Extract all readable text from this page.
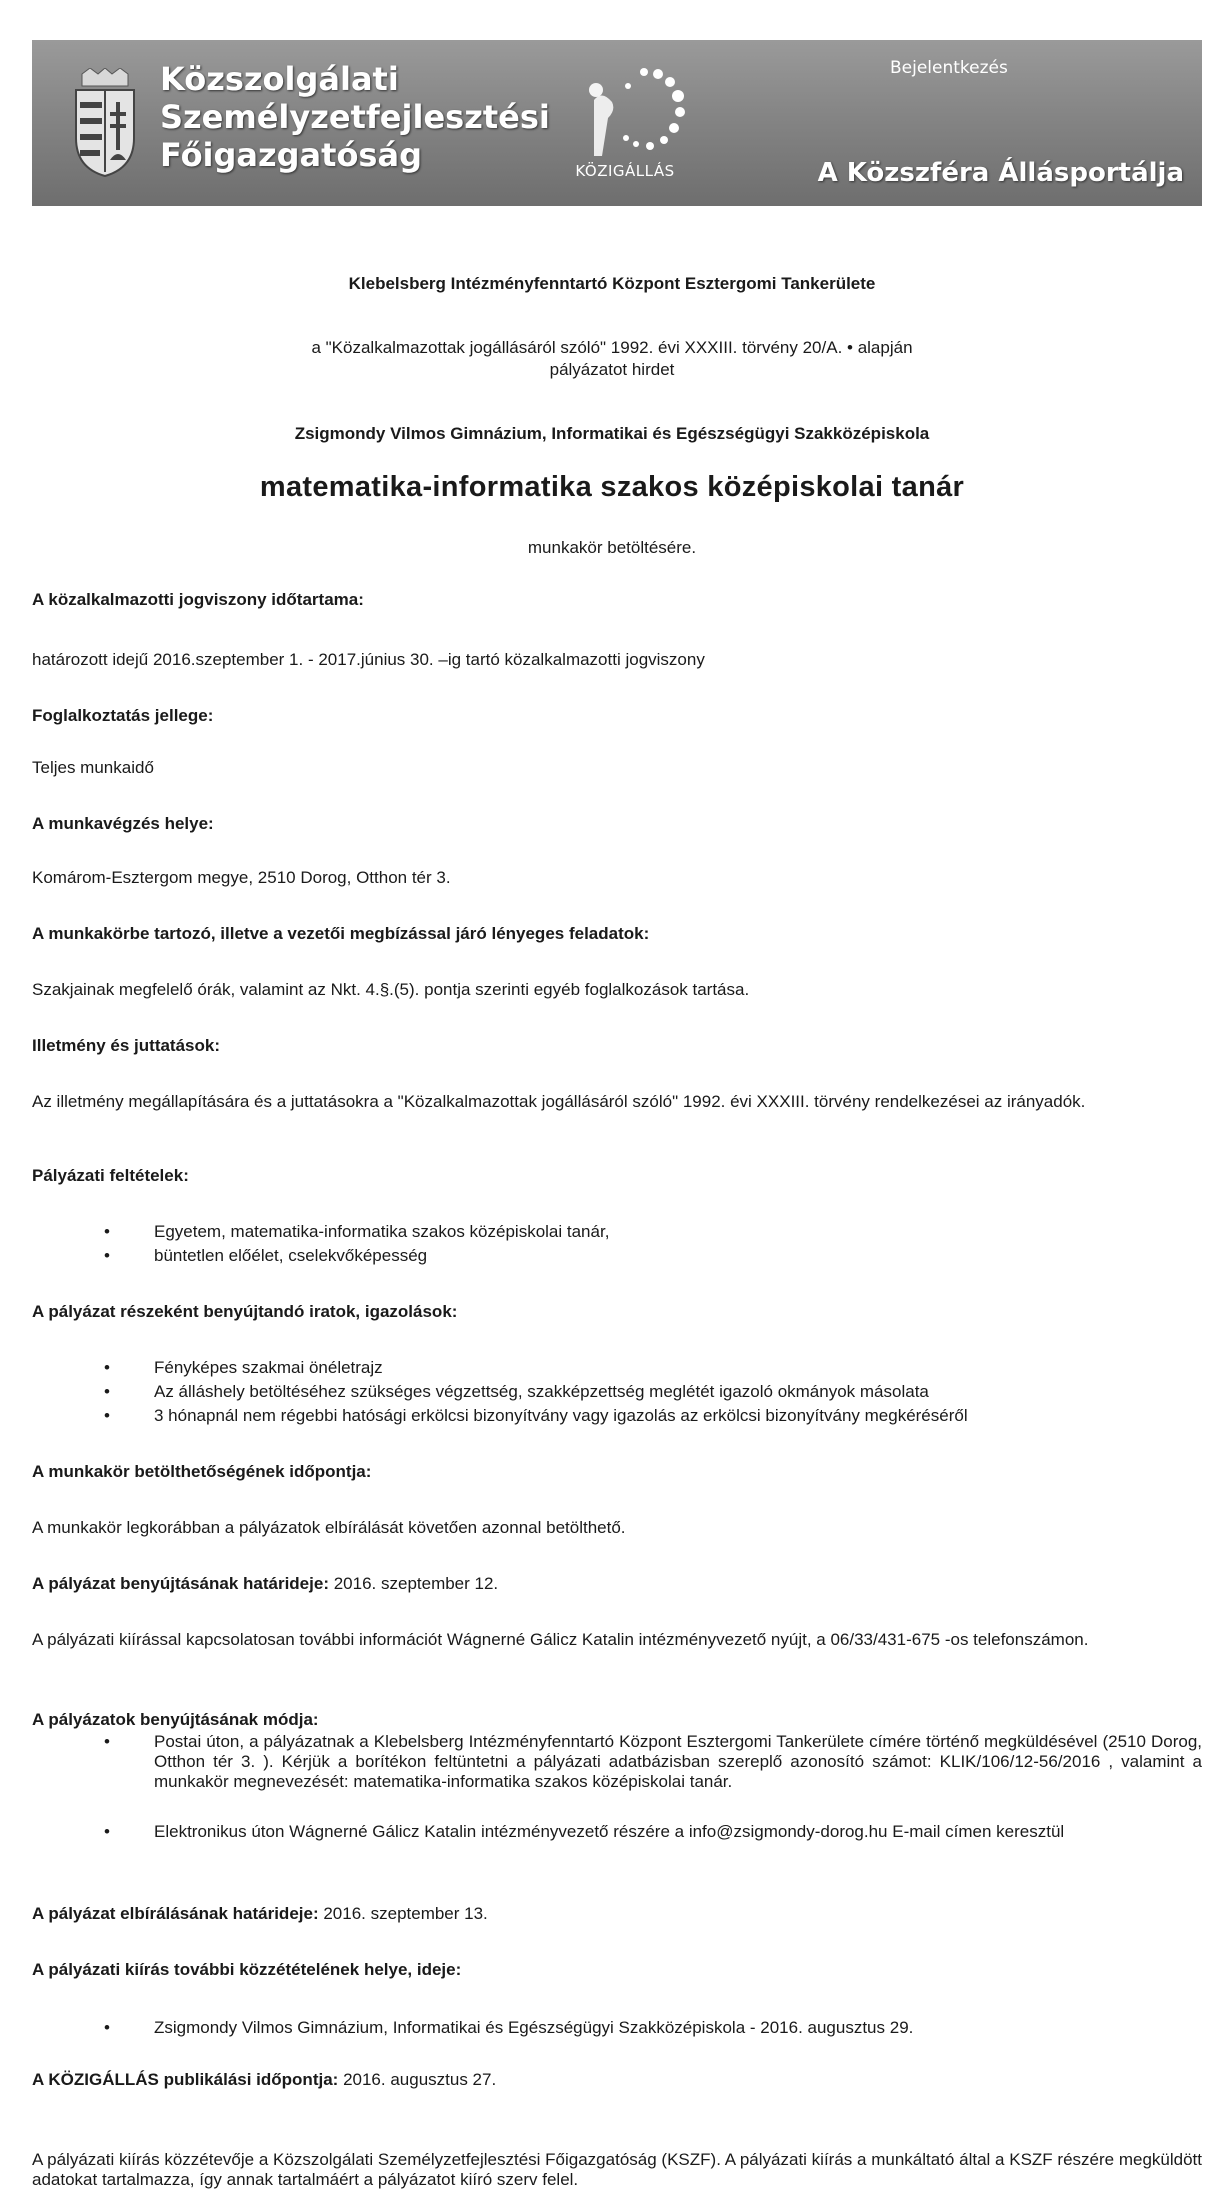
Közszolgálati
Személyzetfejlesztési
Főigazgatóság	KÖZIGÁLLÁS
Bejelentkezés
A Közszféra Állásportálja
Klebelsberg Intézményfenntartó Központ Esztergomi Tankerülete
a "Közalkalmazottak jogállásáról szóló" 1992. évi XXXIII. törvény 20/A. • alapján
pályázatot hirdet
Zsigmondy Vilmos Gimnázium, Informatikai és Egészségügyi Szakközépiskola
matematika-informatika szakos középiskolai tanár
munkakör betöltésére.
A közalkalmazotti jogviszony időtartama:
határozott idejű 2016.szeptember 1. - 2017.június 30. –ig tartó közalkalmazotti jogviszony
Foglalkoztatás jellege:
Teljes munkaidő
A munkavégzés helye:
Komárom-Esztergom megye, 2510 Dorog, Otthon tér 3.
A munkakörbe tartozó, illetve a vezetői megbízással járó lényeges feladatok:
Szakjainak megfelelő órák, valamint az Nkt. 4.§.(5). pontja szerinti egyéb foglalkozások tartása.
Illetmény és juttatások:
Az illetmény megállapítására és a juttatásokra a "Közalkalmazottak jogállásáról szóló" 1992. évi XXXIII. törvény rendelkezései az irányadók.
Pályázati feltételek:
•	Egyetem, matematika-informatika szakos középiskolai tanár,
•	büntetlen előélet, cselekvőképesség
A pályázat részeként benyújtandó iratok, igazolások:
•	Fényképes szakmai önéletrajz
•	Az álláshely betöltéséhez szükséges végzettség, szakképzettség meglétét igazoló okmányok másolata
•	3 hónapnál nem régebbi hatósági erkölcsi bizonyítvány vagy igazolás az erkölcsi bizonyítvány megkéréséről
A munkakör betölthetőségének időpontja:
A munkakör legkorábban a pályázatok elbírálását követően azonnal betölthető.
A pályázat benyújtásának határideje: 2016. szeptember 12.
A pályázati kiírással kapcsolatosan további információt Wágnerné Gálicz Katalin intézményvezető nyújt, a 06/33/431-675 -os telefonszámon.
A pályázatok benyújtásának módja:
•	Postai úton, a pályázatnak a Klebelsberg Intézményfenntartó Központ Esztergomi Tankerülete címére történő megküldésével (2510 Dorog, Otthon tér 3. ). Kérjük a borítékon feltüntetni a pályázati adatbázisban szereplő azonosító számot: KLIK/106/12-56/2016 , valamint a munkakör megnevezését: matematika-informatika szakos középiskolai tanár.
•	Elektronikus úton Wágnerné Gálicz Katalin intézményvezető részére a info@zsigmondy-dorog.hu E-mail címen keresztül
A pályázat elbírálásának határideje: 2016. szeptember 13.
A pályázati kiírás további közzétételének helye, ideje:
•	Zsigmondy Vilmos Gimnázium, Informatikai és Egészségügyi Szakközépiskola - 2016. augusztus 29.
A KÖZIGÁLLÁS publikálási időpontja: 2016. augusztus 27.
A pályázati kiírás közzétevője a Közszolgálati Személyzetfejlesztési Főigazgatóság (KSZF). A pályázati kiírás a munkáltató által a KSZF részére megküldött adatokat tartalmazza, így annak tartalmáért a pályázatot kiíró szerv felel.
